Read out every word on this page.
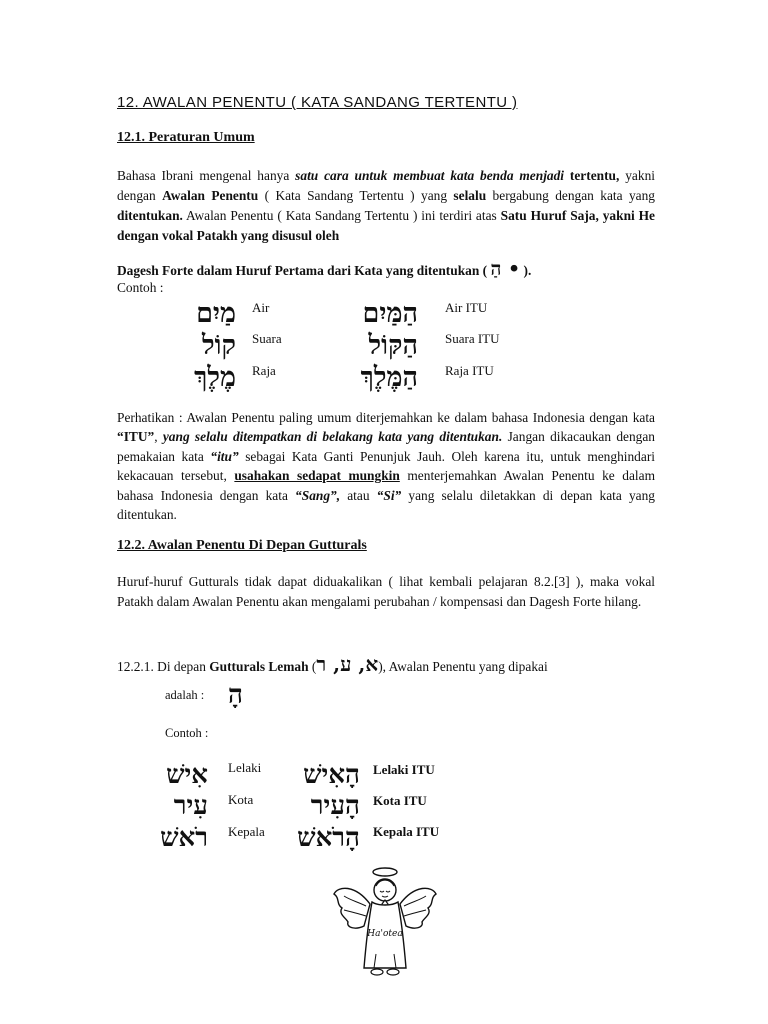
12. AWALAN PENENTU ( KATA SANDANG TERTENTU )
12.1. Peraturan Umum

Bahasa Ibrani mengenal hanya satu cara untuk membuat kata benda menjadi tertentu, yakni dengan Awalan Penentu ( Kata Sandang Tertentu ) yang selalu bergabung dengan kata yang ditentukan. Awalan Penentu ( Kata Sandang Tertentu ) ini terdiri atas Satu Huruf Saja, yakni He dengan vokal Patakh yang disusul oleh

Dagesh Forte dalam Huruf Pertama dari Kata yang ditentukan ( • הַ ).
Contoh :
מַיִם Air	הַמַּיִם Air ITU
קוֹל Suara	הַקּוֹל Suara ITU
מֶלֶךְ Raja	הַמֶּלֶךְ Raja ITU

Perhatikan : Awalan Penentu paling umum diterjemahkan ke dalam bahasa Indonesia dengan kata “ITU”, yang selalu ditempatkan di belakang kata yang ditentukan. Jangan dikacaukan dengan pemakaian kata “itu” sebagai Kata Ganti Penunjuk Jauh. Oleh karena itu, untuk menghindari kekacauan tersebut, usahakan sedapat mungkin menterjemahkan Awalan Penentu ke dalam bahasa Indonesia dengan kata “Sang”, atau “Si” yang selalu diletakkan di depan kata yang ditentukan.

12.2. Awalan Penentu Di Depan Gutturals

Huruf-huruf Gutturals tidak dapat diduakalikan ( lihat kembali pelajaran 8.2.[3] ), maka vokal Patakh dalam Awalan Penentu akan mengalami perubahan / kompensasi dan Dagesh Forte hilang.

12.2.1. Di depan Gutturals Lemah (א, ע, ר), Awalan Penentu yang dipakai
adalah : הָ
Contoh :
אִישׁ Lelaki הָאִישׁ Lelaki ITU
עִיר Kota הָעִיר Kota ITU
רֹאשׁ Kepala הָרֹאשׁ Kepala ITU
Ha'otea
